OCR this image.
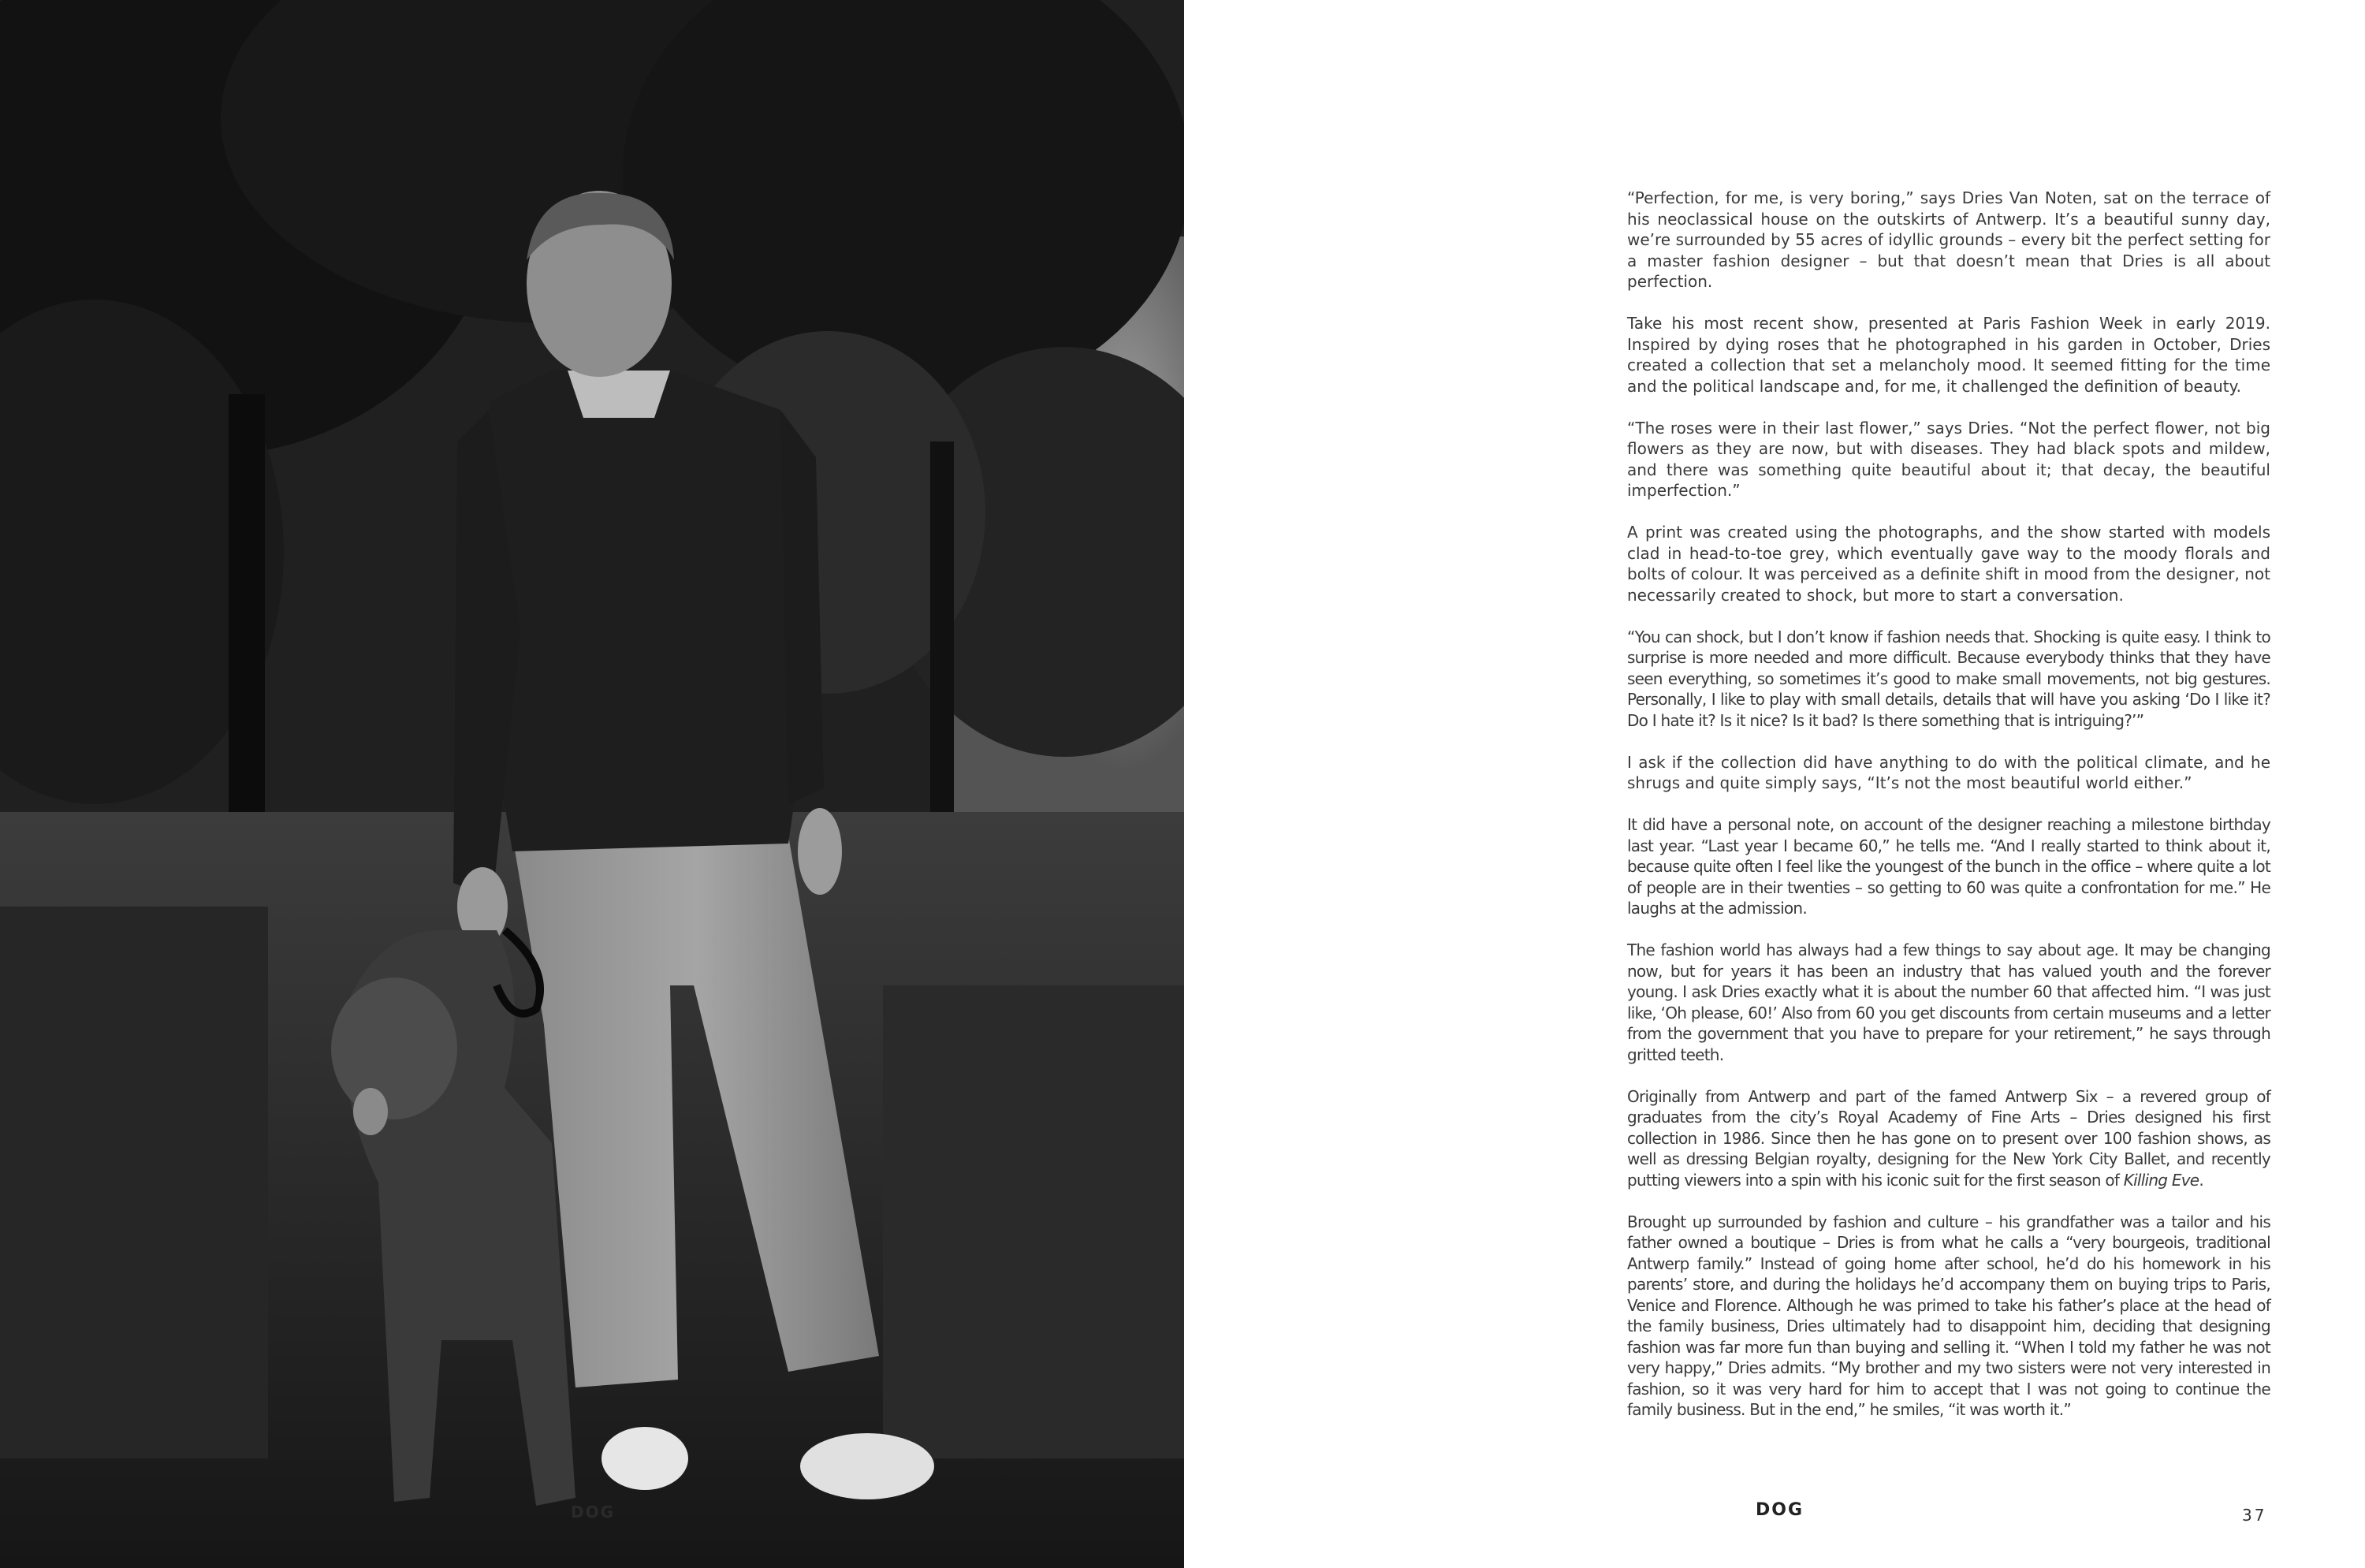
DOG

“Perfection, for me, is very boring,” says Dries Van Noten, sat on the terrace of his neoclassical house on the outskirts of Antwerp. It’s a beautiful sunny day, we’re surrounded by 55 acres of idyllic grounds – every bit the perfect setting for a master fashion designer – but that doesn’t mean that Dries is all about perfection.

Take his most recent show, presented at Paris Fashion Week in early 2019. Inspired by dying roses that he photographed in his garden in October, Dries created a collection that set a melancholy mood. It seemed fitting for the time and the political landscape and, for me, it challenged the definition of beauty.

“The roses were in their last flower,” says Dries. “Not the perfect flower, not big flowers as they are now, but with diseases. They had black spots and mildew, and there was something quite beautiful about it; that decay, the beautiful imperfection.”

A print was created using the photographs, and the show started with models clad in head-to-toe grey, which eventually gave way to the moody florals and bolts of colour. It was perceived as a definite shift in mood from the designer, not necessarily created to shock, but more to start a conversation.

“You can shock, but I don’t know if fashion needs that. Shocking is quite easy. I think to surprise is more needed and more difficult. Because everybody thinks that they have seen everything, so sometimes it’s good to make small movements, not big gestures. Personally, I like to play with small details, details that will have you asking ‘Do I like it? Do I hate it? Is it nice? Is it bad? Is there something that is intriguing?’”

I ask if the collection did have anything to do with the political climate, and he shrugs and quite simply says, “It’s not the most beautiful world either.”

It did have a personal note, on account of the designer reaching a milestone birthday last year. “Last year I became 60,” he tells me. “And I really started to think about it, because quite often I feel like the youngest of the bunch in the office – where quite a lot of people are in their twenties – so getting to 60 was quite a confrontation for me.” He laughs at the admission.

The fashion world has always had a few things to say about age. It may be changing now, but for years it has been an industry that has valued youth and the forever young. I ask Dries exactly what it is about the number 60 that affected him. “I was just like, ‘Oh please, 60!’ Also from 60 you get discounts from certain museums and a letter from the government that you have to prepare for your retirement,” he says through gritted teeth.

Originally from Antwerp and part of the famed Antwerp Six – a revered group of graduates from the city’s Royal Academy of Fine Arts – Dries designed his first collection in 1986. Since then he has gone on to present over 100 fashion shows, as well as dressing Belgian royalty, designing for the New York City Ballet, and recently putting viewers into a spin with his iconic suit for the first season of Killing Eve.

Brought up surrounded by fashion and culture – his grandfather was a tailor and his father owned a boutique – Dries is from what he calls a “very bourgeois, traditional Antwerp family.” Instead of going home after school, he’d do his homework in his parents’ store, and during the holidays he’d accompany them on buying trips to Paris, Venice and Florence. Although he was primed to take his father’s place at the head of the family business, Dries ultimately had to disappoint him, deciding that designing fashion was far more fun than buying and selling it. “When I told my father he was not very happy,” Dries admits. “My brother and my two sisters were not very interested in fashion, so it was very hard for him to accept that I was not going to continue the family business. But in the end,” he smiles, “it was worth it.”

DOG	37
